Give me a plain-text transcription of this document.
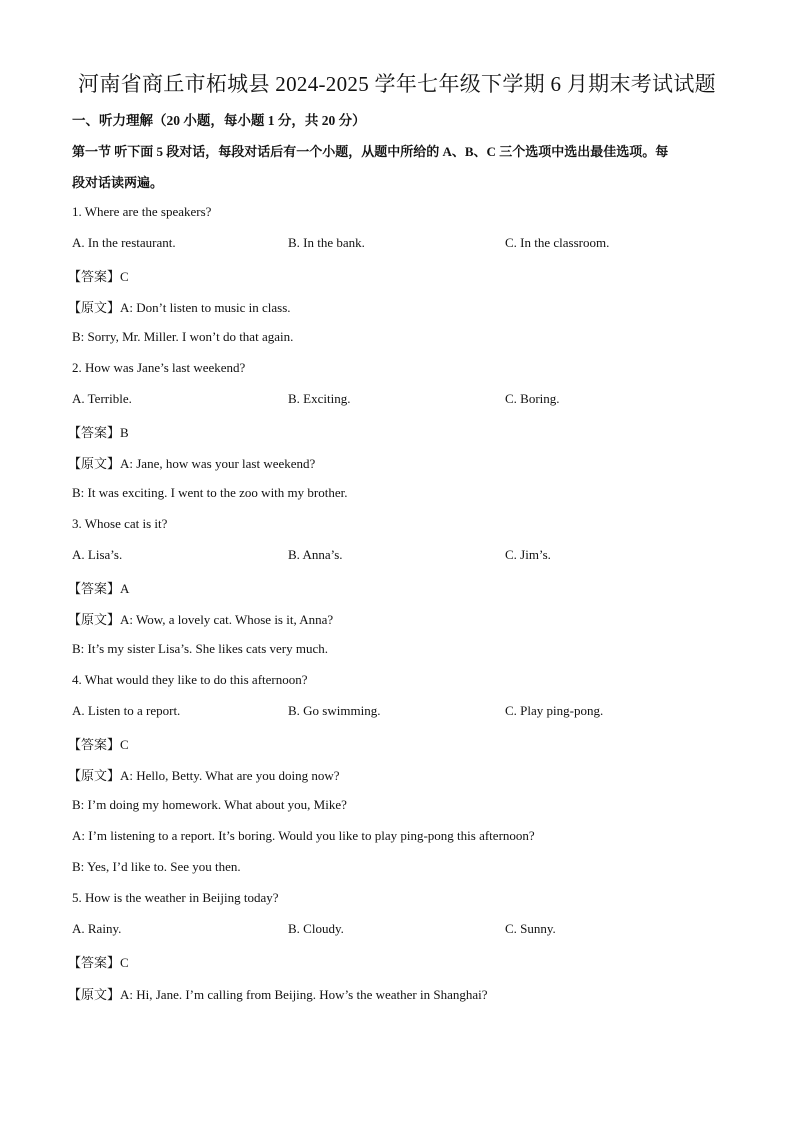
河南省商丘市柘城县 2024-2025 学年七年级下学期 6 月期末考试试题
一、听力理解（20 小题，每小题 1 分，共 20 分）
第一节 听下面 5 段对话，每段对话后有一个小题，从题中所给的 A、B、C 三个选项中选出最佳选项。每
段对话读两遍。
1. Where are the speakers?
A. In the restaurant.	B. In the bank.	C. In the classroom.
【答案】C
【原文】A: Don’t listen to music in class.
B: Sorry, Mr. Miller. I won’t do that again.
2. How was Jane’s last weekend?
A. Terrible.	B. Exciting.	C. Boring.
【答案】B
【原文】A: Jane, how was your last weekend?
B: It was exciting. I went to the zoo with my brother.
3. Whose cat is it?
A. Lisa’s.	B. Anna’s.	C. Jim’s.
【答案】A
【原文】A: Wow, a lovely cat. Whose is it, Anna?
B: It’s my sister Lisa’s. She likes cats very much.
4. What would they like to do this afternoon?
A. Listen to a report.	B. Go swimming.	C. Play ping-pong.
【答案】C
【原文】A: Hello, Betty. What are you doing now?
B: I’m doing my homework. What about you, Mike?
A: I’m listening to a report. It’s boring. Would you like to play ping-pong this afternoon?
B: Yes, I’d like to. See you then.
5. How is the weather in Beijing today?
A. Rainy.	B. Cloudy.	C. Sunny.
【答案】C
【原文】A: Hi, Jane. I’m calling from Beijing. How’s the weather in Shanghai?
